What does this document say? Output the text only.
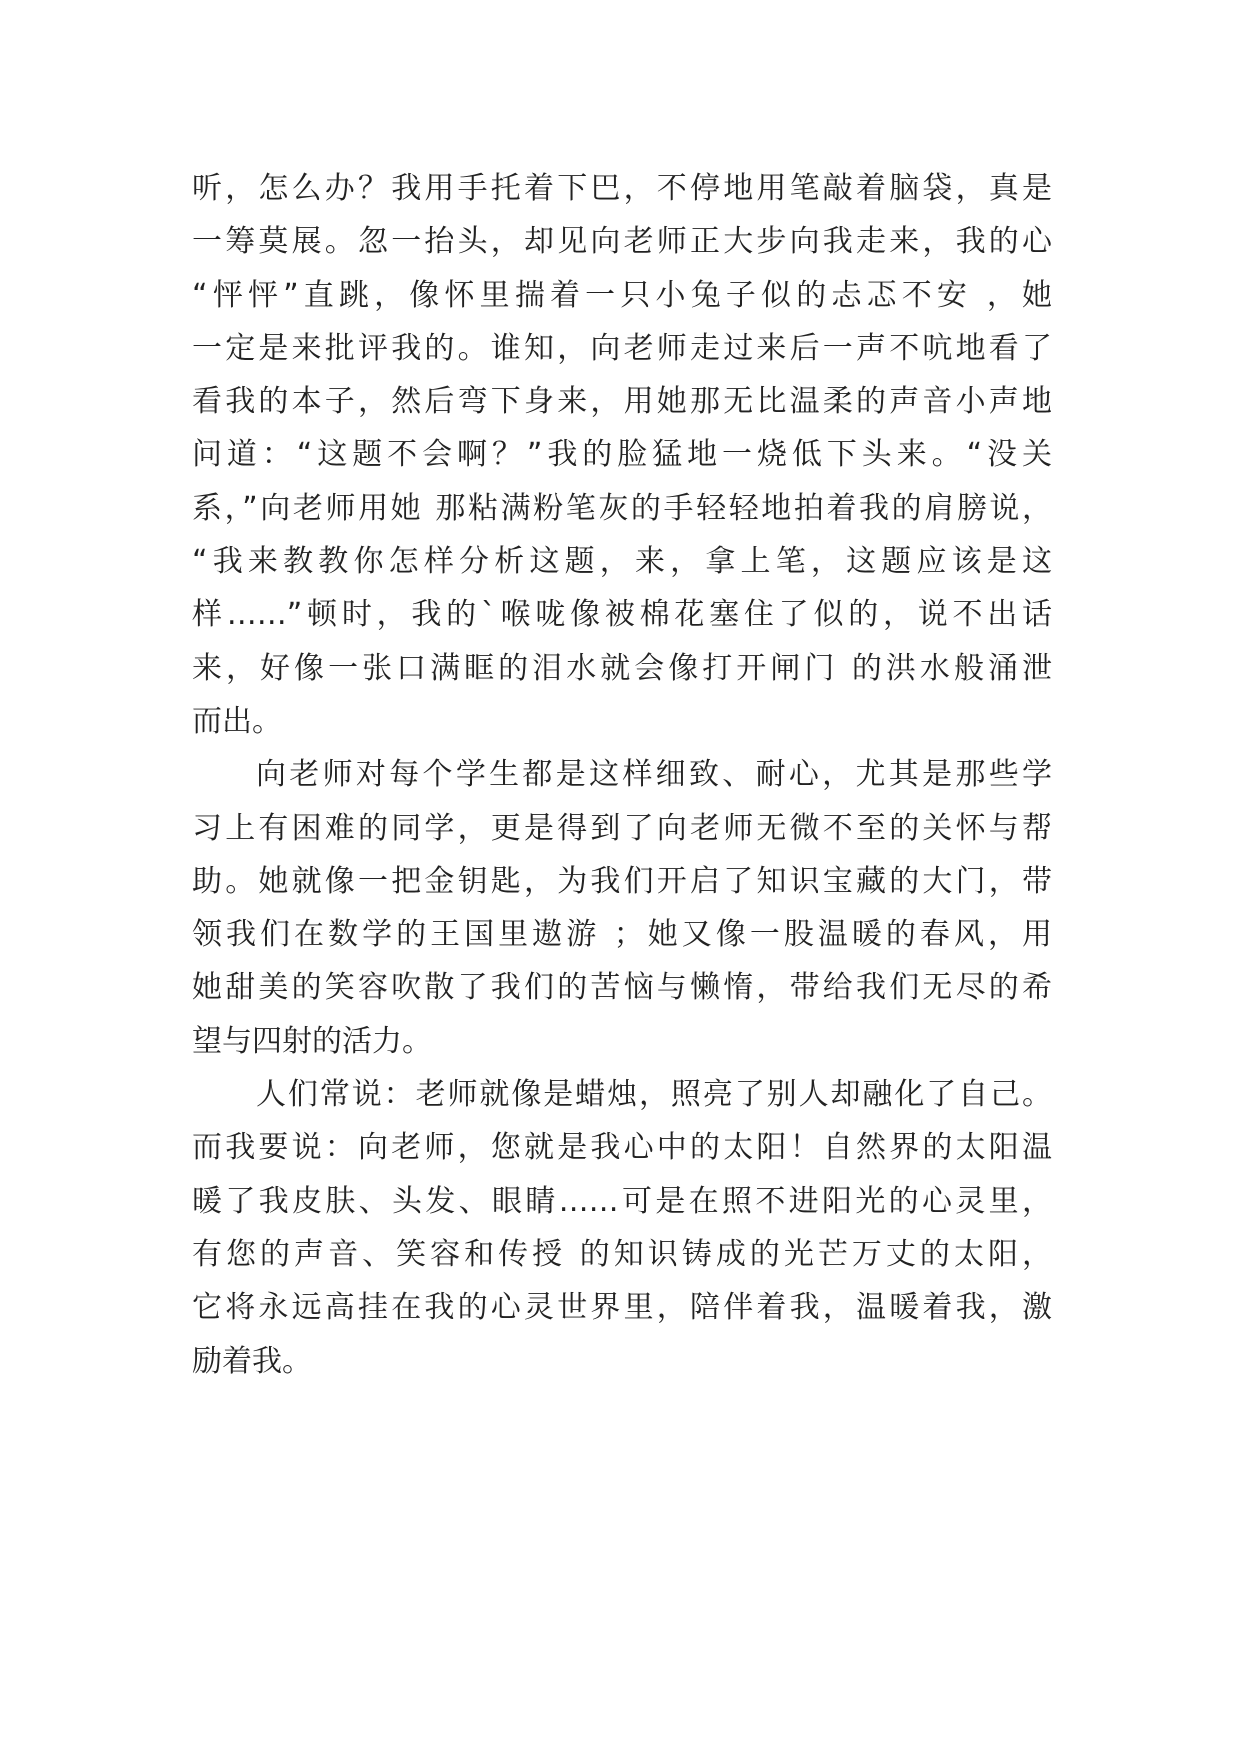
听，怎么办？我用手托着下巴，不停地用笔敲着脑袋，真是
一筹莫展。忽一抬头，却见向老师正大步向我走来，我的心
“怦怦”直跳，像怀里揣着一只小兔子似的忐忑不安 ，她
一定是来批评我的。谁知，向老师走过来后一声不吭地看了
看我的本子，然后弯下身来，用她那无比温柔的声音小声地
问道：“这题不会啊？”我的脸猛地一烧低下头来。“没关
系，”向老师用她 那粘满粉笔灰的手轻轻地拍着我的肩膀说，
“我来教教你怎样分析这题，来，拿上笔，这题应该是这
样……”顿时，我的`喉咙像被棉花塞住了似的，说不出话
来，好像一张口满眶的泪水就会像打开闸门 的洪水般涌泄
而出。
向老师对每个学生都是这样细致、耐心，尤其是那些学
习上有困难的同学，更是得到了向老师无微不至的关怀与帮
助。她就像一把金钥匙，为我们开启了知识宝藏的大门，带
领我们在数学的王国里遨游 ；她又像一股温暖的春风，用
她甜美的笑容吹散了我们的苦恼与懒惰，带给我们无尽的希
望与四射的活力。
人们常说：老师就像是蜡烛，照亮了别人却融化了自己。
而我要说：向老师，您就是我心中的太阳！自然界的太阳温
暖了我皮肤、头发、眼睛……可是在照不进阳光的心灵里，
有您的声音、笑容和传授 的知识铸成的光芒万丈的太阳，
它将永远高挂在我的心灵世界里，陪伴着我，温暖着我，激
励着我。
